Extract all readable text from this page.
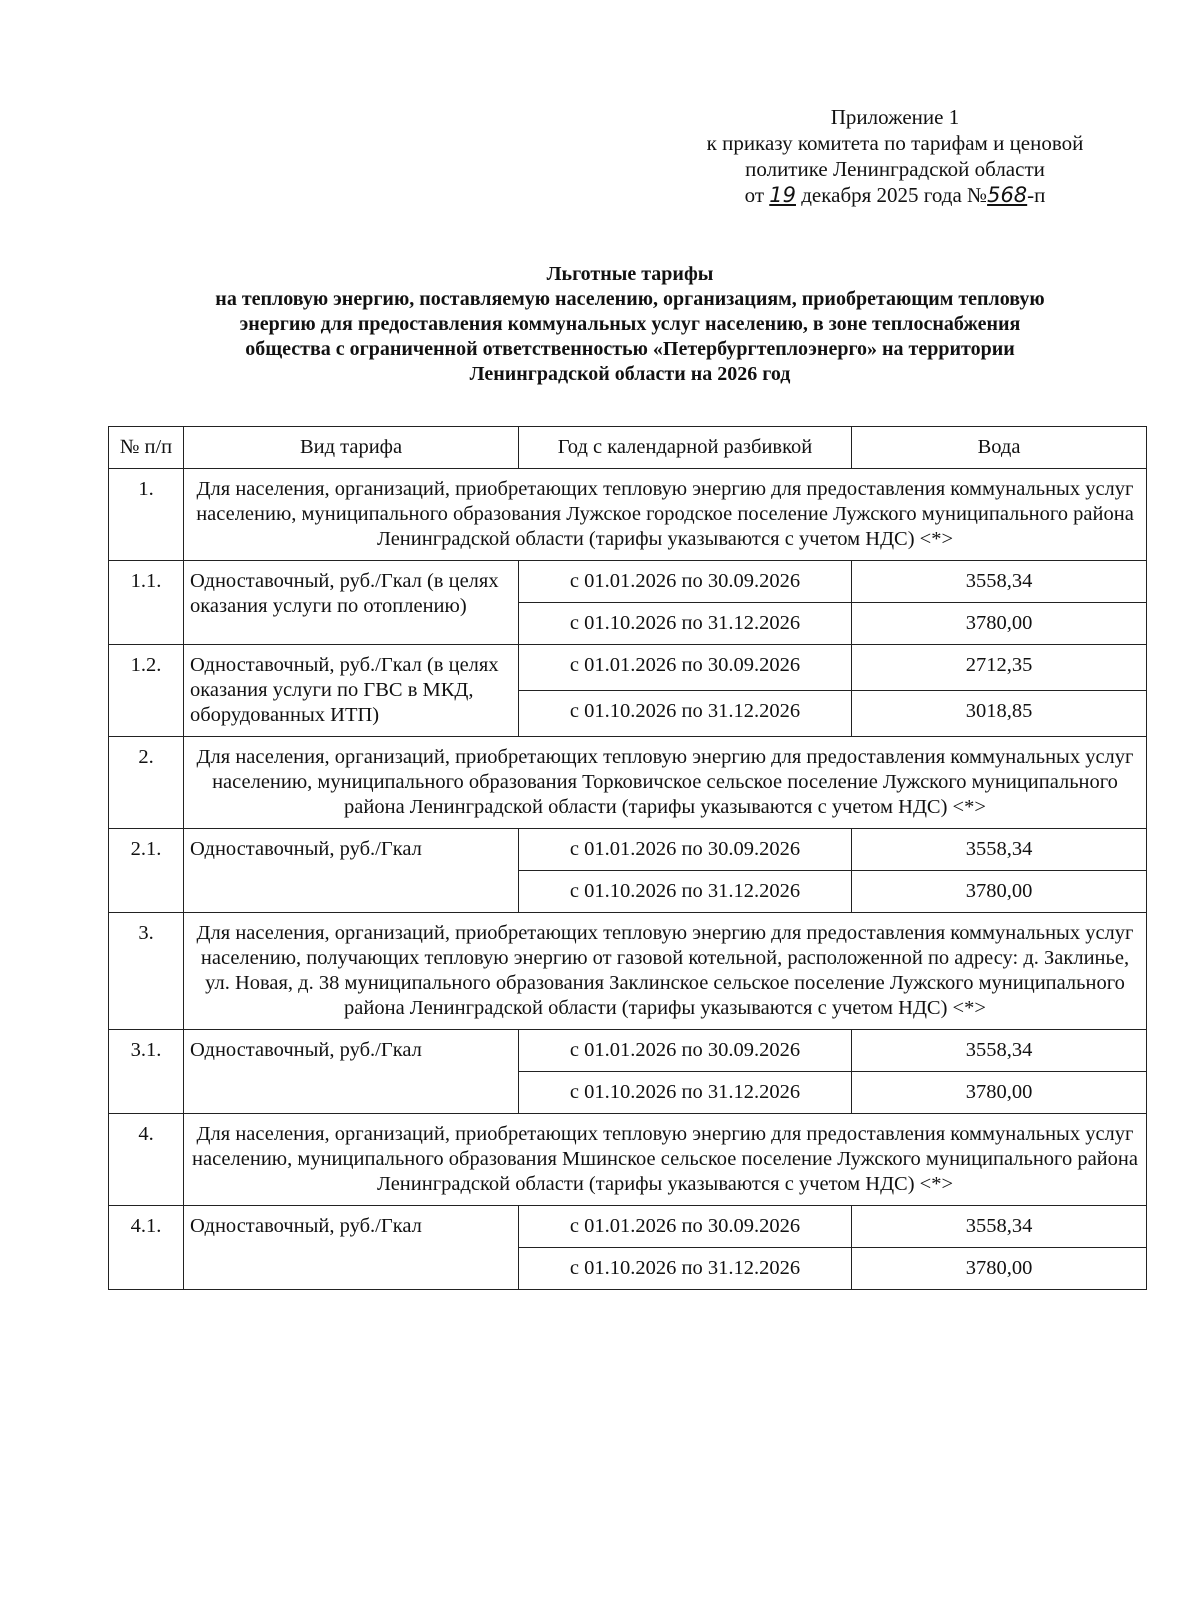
Приложение 1
к приказу комитета по тарифам и ценовой
политике Ленинградской области
от 19 декабря 2025 года №568-п
Льготные тарифы
на тепловую энергию, поставляемую населению, организациям, приобретающим тепловую
энергию для предоставления коммунальных услуг населению, в зоне теплоснабжения
общества с ограниченной ответственностью «Петербургтеплоэнерго» на территории
Ленинградской области на 2026 год
№ п/п	Вид тарифа	Год с календарной разбивкой	Вода
1.	Для населения, организаций, приобретающих тепловую энергию для предоставления коммунальных услуг населению, муниципального образования Лужское городское поселение Лужского муниципального района Ленинградской области (тарифы указываются с учетом НДС) <*>		
1.1.	Одноставочный, руб./Гкал (в целях оказания услуги по отоплению)	с 01.01.2026 по 30.09.2026	3558,34
		с 01.10.2026 по 31.12.2026	3780,00
1.2.	Одноставочный, руб./Гкал (в целях оказания услуги по ГВС в МКД, оборудованных ИТП)	с 01.01.2026 по 30.09.2026	2712,35
		с 01.10.2026 по 31.12.2026	3018,85
2.	Для населения, организаций, приобретающих тепловую энергию для предоставления коммунальных услуг населению, муниципального образования Торковичское сельское поселение Лужского муниципального района Ленинградской области (тарифы указываются с учетом НДС) <*>		
2.1.	Одноставочный, руб./Гкал	с 01.01.2026 по 30.09.2026	3558,34
		с 01.10.2026 по 31.12.2026	3780,00
3.	Для населения, организаций, приобретающих тепловую энергию для предоставления коммунальных услуг населению, получающих тепловую энергию от газовой котельной, расположенной по адресу: д. Заклинье, ул. Новая, д. 38 муниципального образования Заклинское сельское поселение Лужского муниципального района Ленинградской области (тарифы указываются с учетом НДС) <*>		
3.1.	Одноставочный, руб./Гкал	с 01.01.2026 по 30.09.2026	3558,34
		с 01.10.2026 по 31.12.2026	3780,00
4.	Для населения, организаций, приобретающих тепловую энергию для предоставления коммунальных услуг населению, муниципального образования Мшинское сельское поселение Лужского муниципального района Ленинградской области (тарифы указываются с учетом НДС) <*>		
4.1.	Одноставочный, руб./Гкал	с 01.01.2026 по 30.09.2026	3558,34
		с 01.10.2026 по 31.12.2026	3780,00
